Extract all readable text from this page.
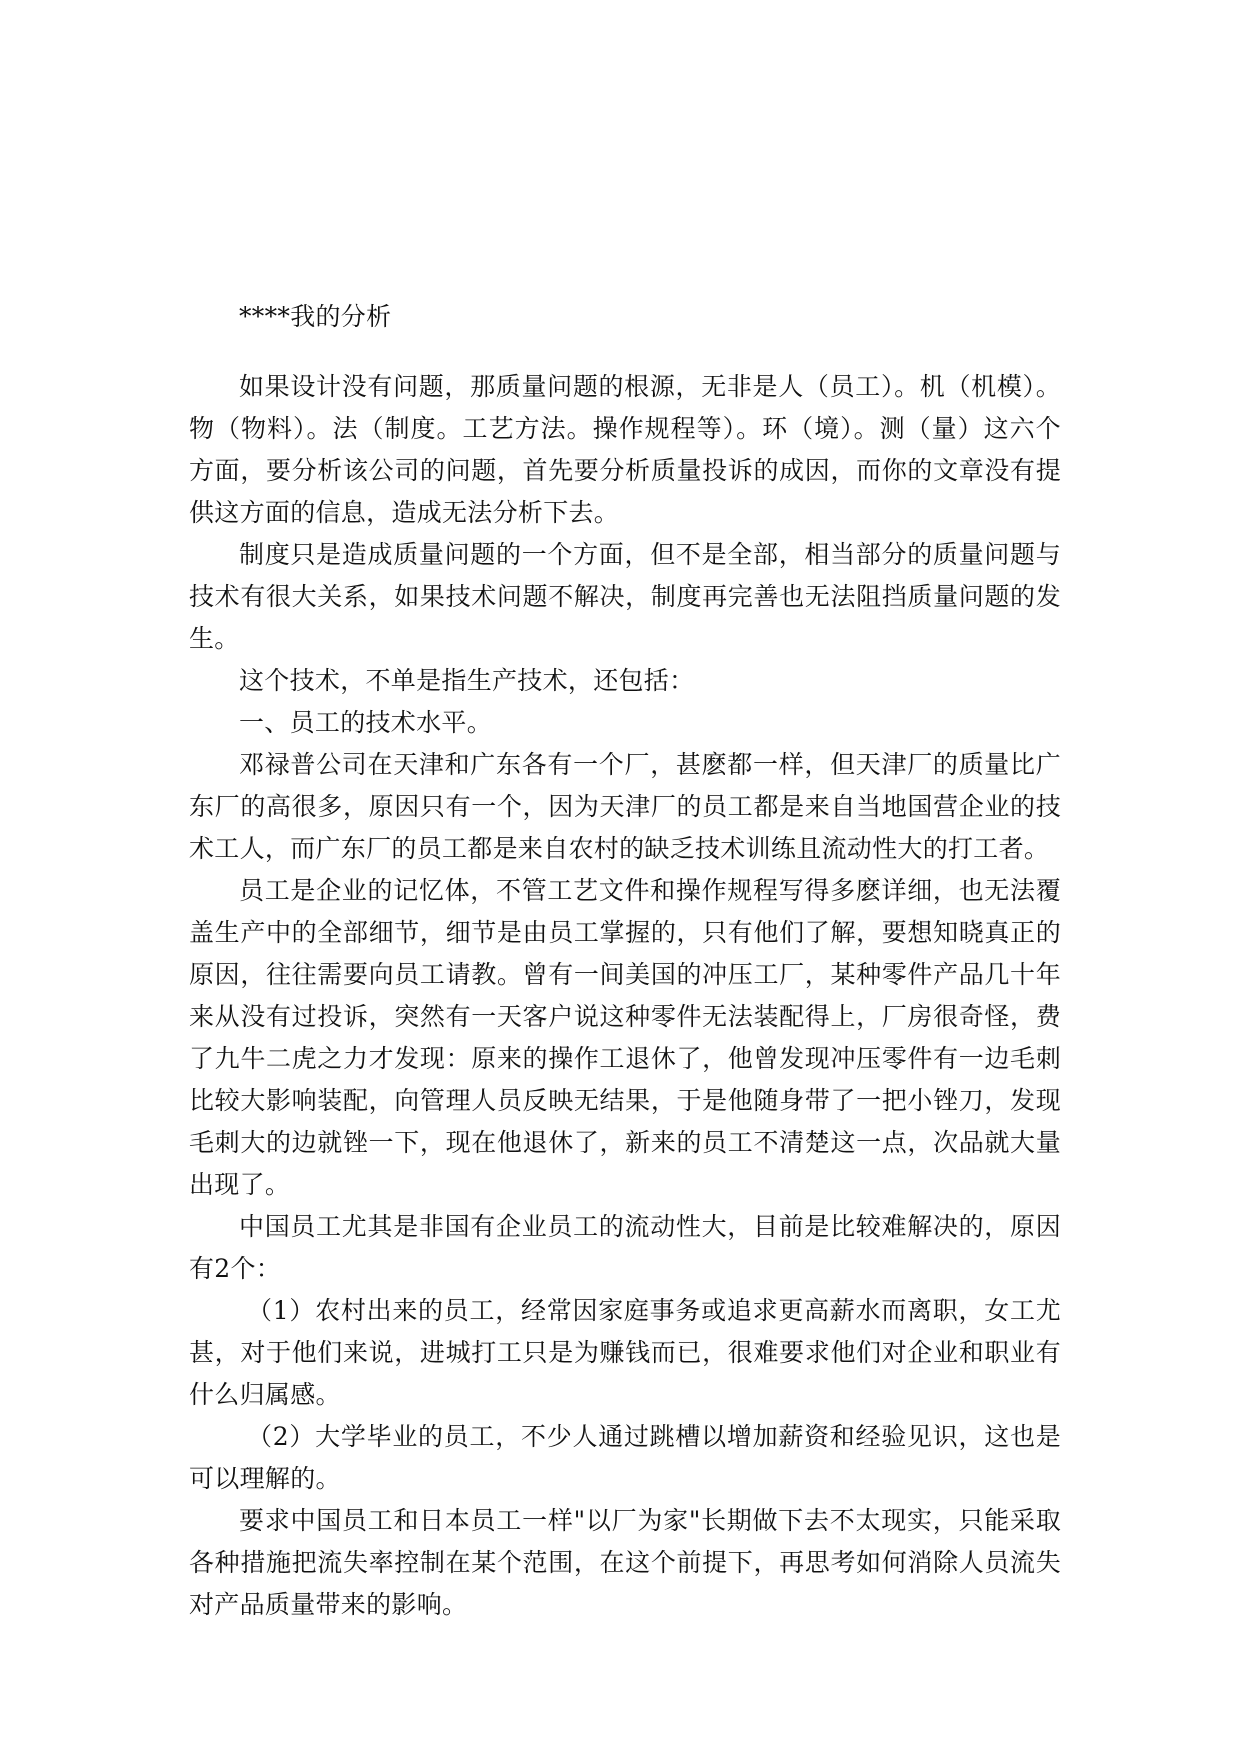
****我的分析

如果设计没有问题，那质量问题的根源，无非是人（员工）。机（机模）。物（物料）。法（制度。工艺方法。操作规程等）。环（境）。测（量）这六个方面，要分析该公司的问题，首先要分析质量投诉的成因，而你的文章没有提供这方面的信息，造成无法分析下去。

制度只是造成质量问题的一个方面，但不是全部，相当部分的质量问题与技术有很大关系，如果技术问题不解决，制度再完善也无法阻挡质量问题的发生。

这个技术，不单是指生产技术，还包括：

一、员工的技术水平。

邓禄普公司在天津和广东各有一个厂，甚麽都一样，但天津厂的质量比广东厂的高很多，原因只有一个，因为天津厂的员工都是来自当地国营企业的技术工人，而广东厂的员工都是来自农村的缺乏技术训练且流动性大的打工者。

员工是企业的记忆体，不管工艺文件和操作规程写得多麽详细，也无法覆盖生产中的全部细节，细节是由员工掌握的，只有他们了解，要想知晓真正的原因，往往需要向员工请教。曾有一间美国的冲压工厂，某种零件产品几十年来从没有过投诉，突然有一天客户说这种零件无法装配得上，厂房很奇怪，费了九牛二虎之力才发现：原来的操作工退休了，他曾发现冲压零件有一边毛刺比较大影响装配，向管理人员反映无结果，于是他随身带了一把小锉刀，发现毛刺大的边就锉一下，现在他退休了，新来的员工不清楚这一点，次品就大量出现了。

中国员工尤其是非国有企业员工的流动性大，目前是比较难解决的，原因有2个：

（1）农村出来的员工，经常因家庭事务或追求更高薪水而离职，女工尤甚，对于他们来说，进城打工只是为赚钱而已，很难要求他们对企业和职业有什么归属感。

（2）大学毕业的员工，不少人通过跳槽以增加薪资和经验见识，这也是可以理解的。

要求中国员工和日本员工一样"以厂为家"长期做下去不太现实，只能采取各种措施把流失率控制在某个范围，在这个前提下，再思考如何消除人员流失对产品质量带来的影响。
